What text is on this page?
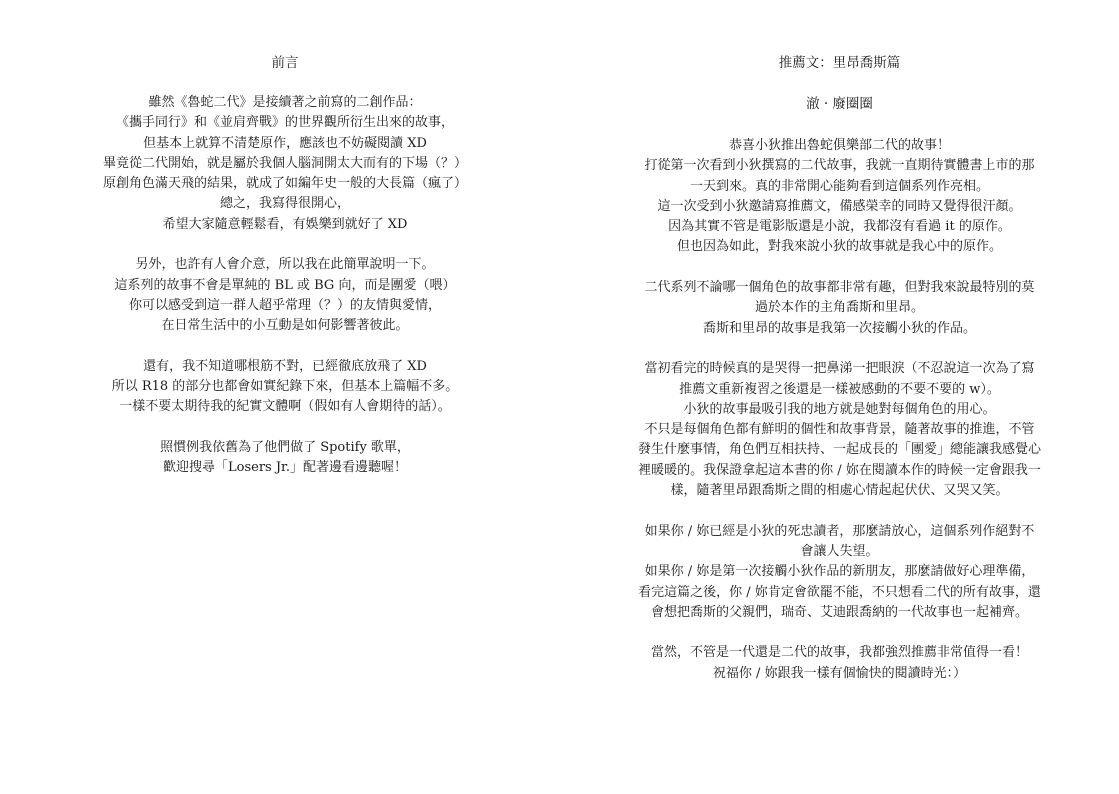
前言

雖然《魯蛇二代》是接續著之前寫的二創作品：
《攜手同行》和《並肩齊戰》的世界觀所衍生出來的故事，
但基本上就算不清楚原作，應該也不妨礙閱讀 XD
畢竟從二代開始，就是屬於我個人腦洞開太大而有的下場（？）
原創角色滿天飛的結果，就成了如編年史一般的大長篇（瘋了）
總之，我寫得很開心，
希望大家隨意輕鬆看，有娛樂到就好了 XD

另外，也許有人會介意，所以我在此簡單說明一下。
這系列的故事不會是單純的 BL 或 BG 向，而是團愛（喂）
你可以感受到這一群人超乎常理（？）的友情與愛情，
在日常生活中的小互動是如何影響著彼此。

還有，我不知道哪根筋不對，已經徹底放飛了 XD
所以 R18 的部分也都會如實紀錄下來，但基本上篇幅不多。
一樣不要太期待我的紀實文體啊（假如有人會期待的話）。

照慣例我依舊為了他們做了 Spotify 歌單，
歡迎搜尋「Losers Jr.」配著邊看邊聽喔！

推薦文：里昂喬斯篇
澈 · 廢圈圈

恭喜小狄推出魯蛇俱樂部二代的故事！
打從第一次看到小狄撰寫的二代故事，我就一直期待實體書上市的那
一天到來。真的非常開心能夠看到這個系列作亮相。
這一次受到小狄邀請寫推薦文，備感榮幸的同時又覺得很汗顏。
因為其實不管是電影版還是小說，我都沒有看過 it 的原作。
但也因為如此，對我來說小狄的故事就是我心中的原作。

二代系列不論哪一個角色的故事都非常有趣，但對我來說最特別的莫
過於本作的主角喬斯和里昂。
喬斯和里昂的故事是我第一次接觸小狄的作品。

當初看完的時候真的是哭得一把鼻涕一把眼淚（不忍說這一次為了寫
推薦文重新複習之後還是一樣被感動的不要不要的 w）。
小狄的故事最吸引我的地方就是她對每個角色的用心。
不只是每個角色都有鮮明的個性和故事背景，隨著故事的推進，不管
發生什麼事情，角色們互相扶持、一起成長的「團愛」總能讓我感覺心
裡暖暖的。我保證拿起這本書的你 / 妳在閱讀本作的時候一定會跟我一
樣，隨著里昂跟喬斯之間的相處心情起起伏伏、又哭又笑。

如果你 / 妳已經是小狄的死忠讀者，那麼請放心，這個系列作絕對不
會讓人失望。
如果你 / 妳是第一次接觸小狄作品的新朋友，那麼請做好心理準備，
看完這篇之後，你 / 妳肯定會欲罷不能，不只想看二代的所有故事，還
會想把喬斯的父親們，瑞奇、艾迪跟喬納的一代故事也一起補齊。

當然，不管是一代還是二代的故事，我都強烈推薦非常值得一看！
祝福你 / 妳跟我一樣有個愉快的閱讀時光：）
